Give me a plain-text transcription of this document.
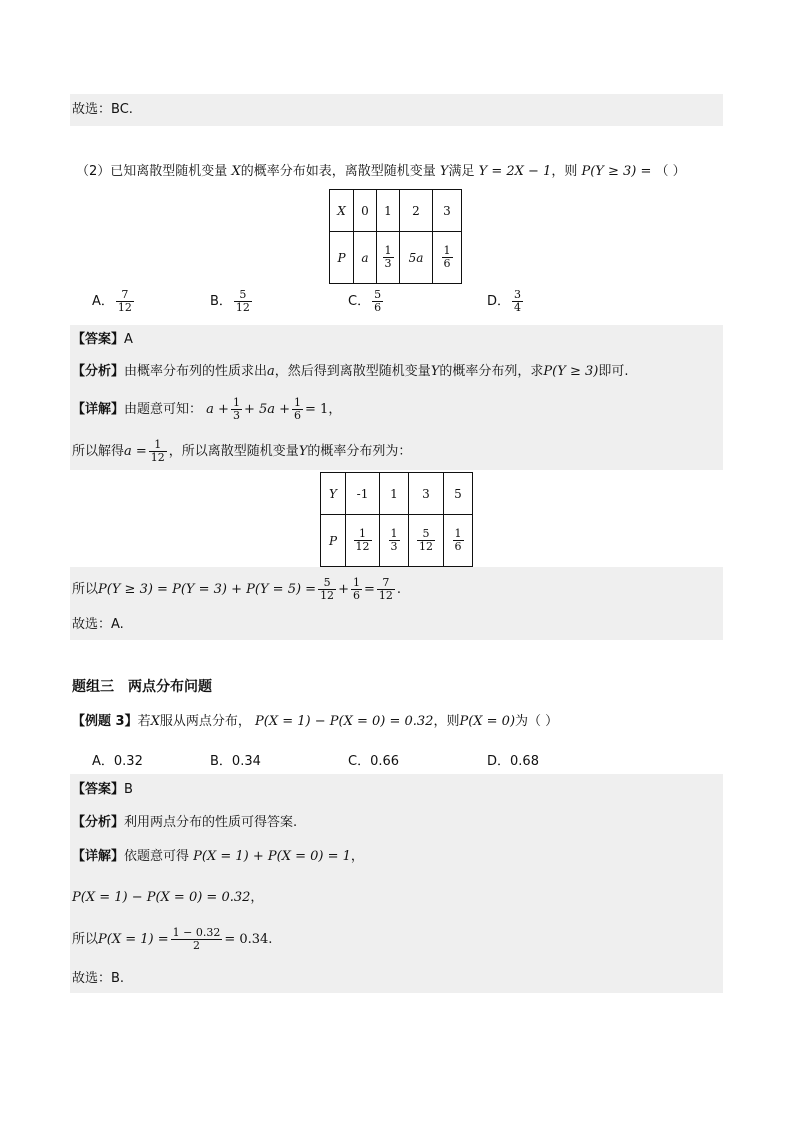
故选：BC.
（2）已知离散型随机变量 X的概率分布如表，离散型随机变量 Y满足 Y = 2X − 1，则 P(Y ≥ 3) = （ ）
X	0	1	2	3
P	a	$\frac{1}{3}$	5a	$\frac{1}{6}$
A． $\frac{7}{12}$	B． $\frac{5}{12}$	C． $\frac{5}{6}$	D． $\frac{3}{4}$
【答案】A
【分析】由概率分布列的性质求出a，然后得到离散型随机变量Y的概率分布列，求P(Y ≥ 3)即可.
【详解】由题意可知： $a + \frac{1}{3} + 5a + \frac{1}{6} = 1$，
所以解得$a = \frac{1}{12}$ ，所以离散型随机变量Y的概率分布列为：
Y	-1	1	3	5
P	$\frac{1}{12}$	$\frac{1}{3}$	$\frac{5}{12}$	$\frac{1}{6}$
所以$P(Y \ge 3) = P(Y = 3) + P(Y = 5) = \frac{5}{12} + \frac{1}{6} = \frac{7}{12}$ .
故选：A.
题组三　两点分布问题
【例题 3】若X服从两点分布， P(X = 1) − P(X = 0) = 0.32，则P(X = 0)为（ ）
A．0.32	B．0.34	C．0.66	D．0.68
【答案】B
【分析】利用两点分布的性质可得答案.
【详解】依题意可得 P(X = 1) + P(X = 0) = 1，
P(X = 1) − P(X = 0) = 0.32，
所以$P(X = 1) = \frac{1 - 0.32}{2} = 0.34$.
故选：B.
